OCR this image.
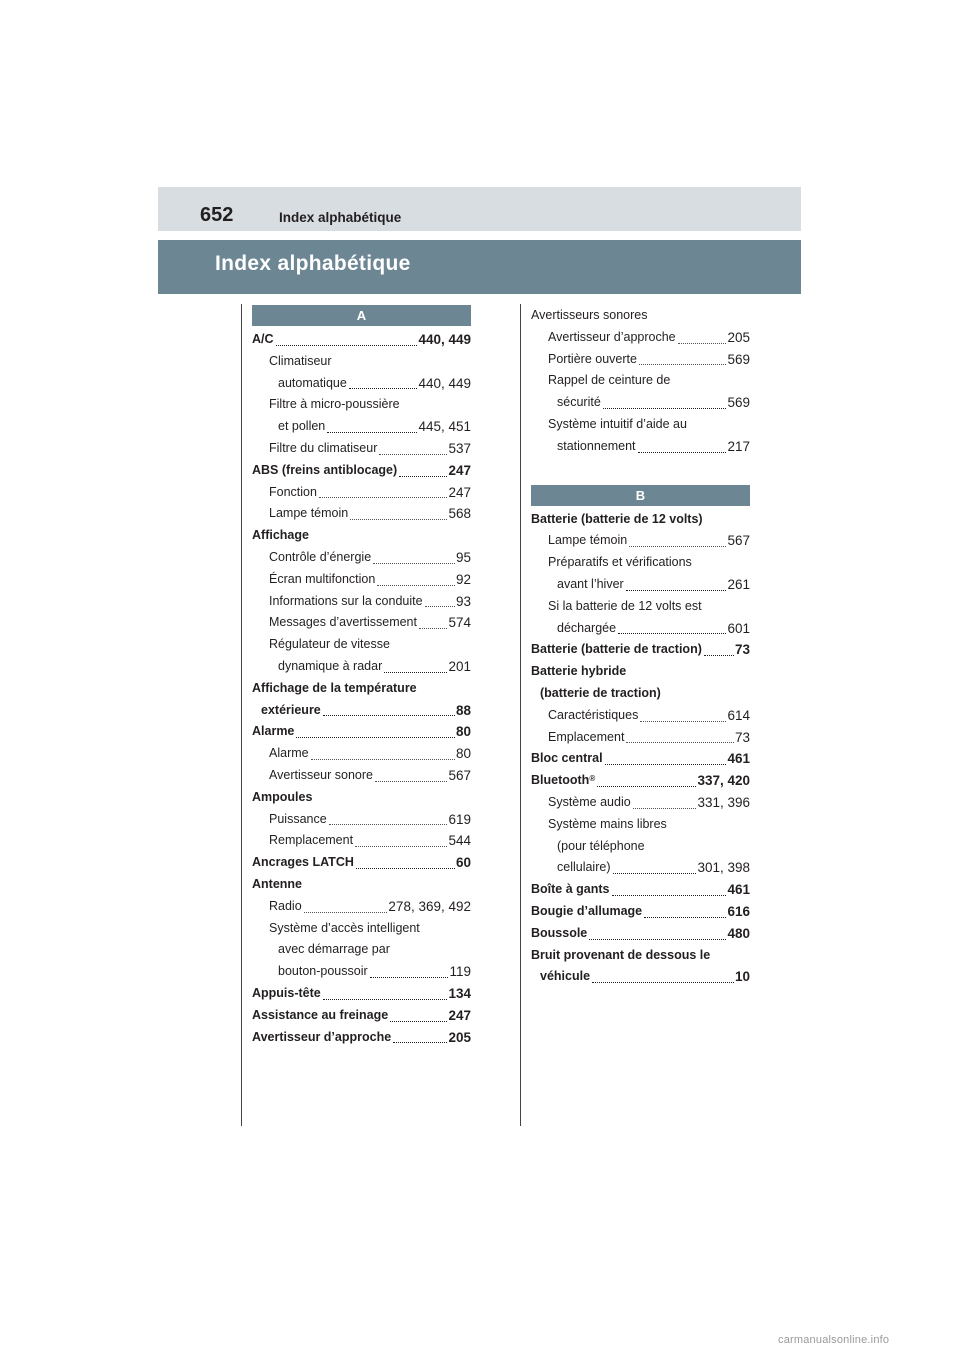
652	Index alphabétique
Index alphabétique
A
A/C	440, 449
Climatiseur
automatique	440, 449
Filtre à micro-poussière
et pollen	445, 451
Filtre du climatiseur	537
ABS (freins antiblocage)	247
Fonction	247
Lampe témoin	568
Affichage
Contrôle d’énergie	95
Écran multifonction	92
Informations sur la conduite 93
Messages d’avertissement 574
Régulateur de vitesse
dynamique à radar	201
Affichage de la température
extérieure	88
Alarme	80
Alarme	80
Avertisseur sonore	567
Ampoules
Puissance	619
Remplacement	544
Ancrages LATCH	60
Antenne
Radio	278, 369, 492
Système d’accès intelligent
avec démarrage par
bouton-poussoir	119
Appuis-tête	134
Assistance au freinage	247
Avertisseur d’approche	205
Avertisseurs sonores
Avertisseur d’approche	205
Portière ouverte	569
Rappel de ceinture de
sécurité	569
Système intuitif d’aide au
stationnement	217
B
Batterie (batterie de 12 volts)
Lampe témoin	567
Préparatifs et vérifications
avant l’hiver	261
Si la batterie de 12 volts est
déchargée	601
Batterie (batterie de traction) 73
Batterie hybride
(batterie de traction)
Caractéristiques	614
Emplacement	73
Bloc central	461
Bluetooth®	337, 420
Système audio	331, 396
Système mains libres
(pour téléphone
cellulaire)	301, 398
Boîte à gants	461
Bougie d’allumage	616
Boussole	480
Bruit provenant de dessous le
véhicule	10
carmanualsonline.info
